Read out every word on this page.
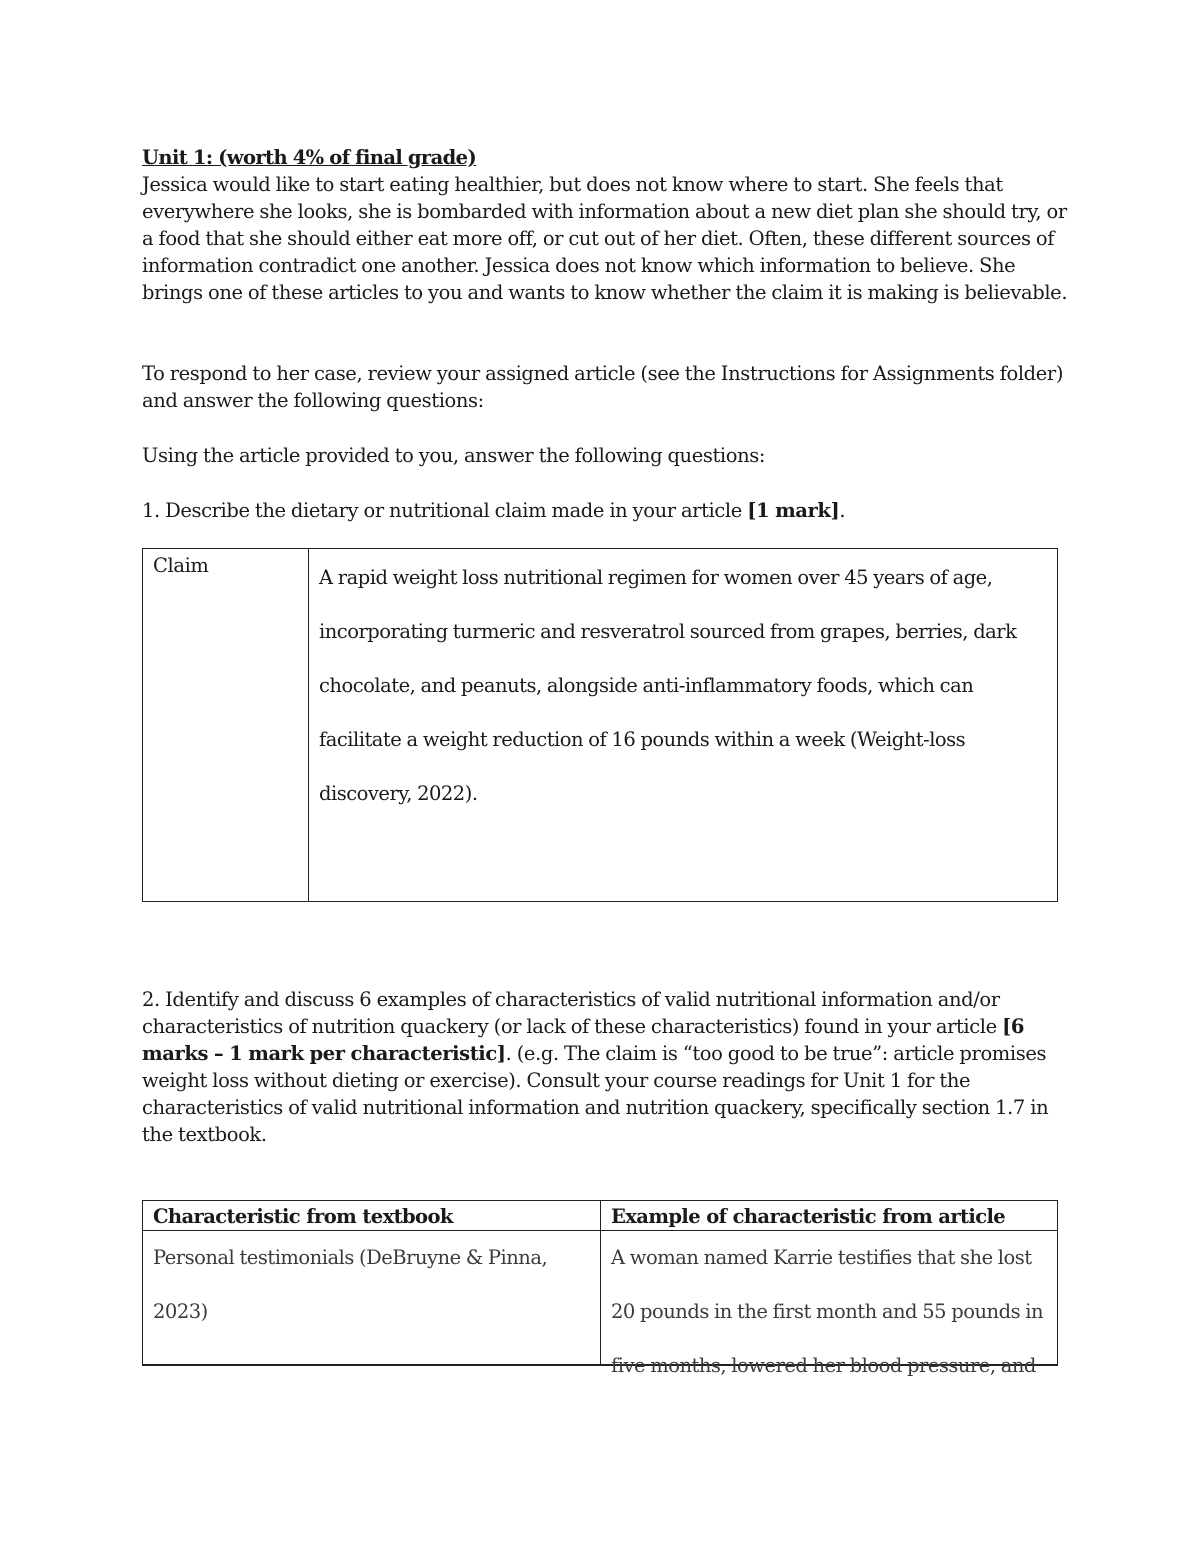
Unit 1: (worth 4% of final grade)

Jessica would like to start eating healthier, but does not know where to start. She feels that everywhere she looks, she is bombarded with information about a new diet plan she should try, or a food that she should either eat more off, or cut out of her diet. Often, these different sources of information contradict one another. Jessica does not know which information to believe. She brings one of these articles to you and wants to know whether the claim it is making is believable.

To respond to her case, review your assigned article (see the Instructions for Assignments folder) and answer the following questions:

Using the article provided to you, answer the following questions:

1. Describe the dietary or nutritional claim made in your article [1 mark].

Claim

A rapid weight loss nutritional regimen for women over 45 years of age, incorporating turmeric and resveratrol sourced from grapes, berries, dark chocolate, and peanuts, alongside anti-inflammatory foods, which can facilitate a weight reduction of 16 pounds within a week (Weight-loss discovery, 2022).

2. Identify and discuss 6 examples of characteristics of valid nutritional information and/or characteristics of nutrition quackery (or lack of these characteristics) found in your article [6 marks – 1 mark per characteristic]. (e.g. The claim is “too good to be true”: article promises weight loss without dieting or exercise). Consult your course readings for Unit 1 for the characteristics of valid nutritional information and nutrition quackery, specifically section 1.7 in the textbook.

Characteristic from textbook	Example of characteristic from article

Personal testimonials (DeBruyne & Pinna, 2023)

A woman named Karrie testifies that she lost 20 pounds in the first month and 55 pounds in five months, lowered her blood pressure, and
